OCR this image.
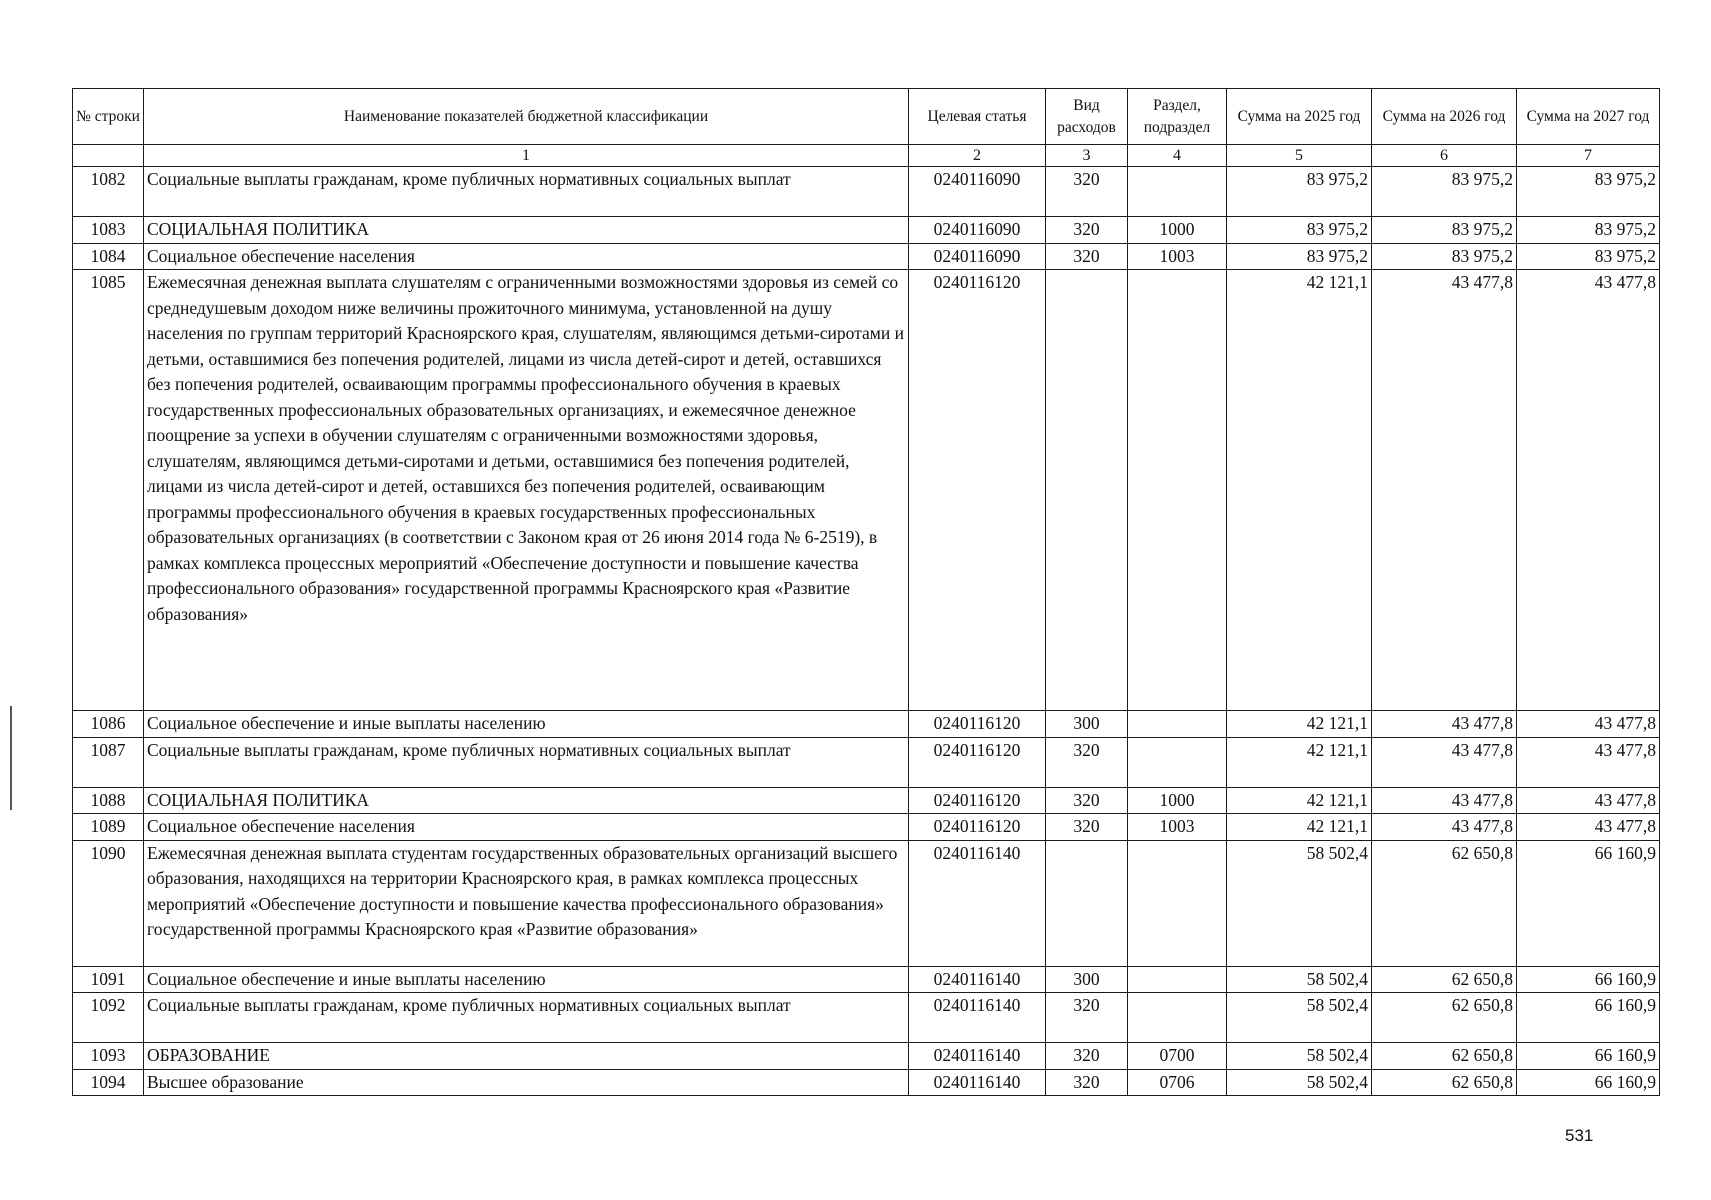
№ строки	Наименование показателей бюджетной классификации	Целевая статья	Вид расходов	Раздел, подраздел	Сумма на 2025 год	Сумма на 2026 год	Сумма на 2027 год
	1	2	3	4	5	6	7
1082	Социальные выплаты гражданам, кроме публичных нормативных социальных выплат	0240116090	320		83 975,2	83 975,2	83 975,2
1083	СОЦИАЛЬНАЯ ПОЛИТИКА	0240116090	320	1000	83 975,2	83 975,2	83 975,2
1084	Социальное обеспечение населения	0240116090	320	1003	83 975,2	83 975,2	83 975,2
1085	Ежемесячная денежная выплата слушателям с ограниченными возможностями здоровья из семей со среднедушевым доходом ниже величины прожиточного минимума, установленной на душу населения по группам территорий Красноярского края, слушателям, являющимся детьми-сиротами и детьми, оставшимися без попечения родителей, лицами из числа детей-сирот и детей, оставшихся без попечения родителей, осваивающим программы профессионального обучения в краевых государственных профессиональных образовательных организациях, и ежемесячное денежное поощрение за успехи в обучении слушателям с ограниченными возможностями здоровья, слушателям, являющимся детьми-сиротами и детьми, оставшимися без попечения родителей, лицами из числа детей-сирот и детей, оставшихся без попечения родителей, осваивающим программы профессионального обучения в краевых государственных профессиональных образовательных организациях (в соответствии с Законом края от 26 июня 2014 года № 6-2519), в рамках комплекса процессных мероприятий «Обеспечение доступности и повышение качества профессионального образования» государственной программы Красноярского края «Развитие образования»	0240116120			42 121,1	43 477,8	43 477,8
1086	Социальное обеспечение и иные выплаты населению	0240116120	300		42 121,1	43 477,8	43 477,8
1087	Социальные выплаты гражданам, кроме публичных нормативных социальных выплат	0240116120	320		42 121,1	43 477,8	43 477,8
1088	СОЦИАЛЬНАЯ ПОЛИТИКА	0240116120	320	1000	42 121,1	43 477,8	43 477,8
1089	Социальное обеспечение населения	0240116120	320	1003	42 121,1	43 477,8	43 477,8
1090	Ежемесячная денежная выплата студентам государственных образовательных организаций высшего образования, находящихся на территории Красноярского края, в рамках комплекса процессных мероприятий «Обеспечение доступности и повышение качества профессионального образования» государственной программы Красноярского края «Развитие образования»	0240116140			58 502,4	62 650,8	66 160,9
1091	Социальное обеспечение и иные выплаты населению	0240116140	300		58 502,4	62 650,8	66 160,9
1092	Социальные выплаты гражданам, кроме публичных нормативных социальных выплат	0240116140	320		58 502,4	62 650,8	66 160,9
1093	ОБРАЗОВАНИЕ	0240116140	320	0700	58 502,4	62 650,8	66 160,9
1094	Высшее образование	0240116140	320	0706	58 502,4	62 650,8	66 160,9
531
